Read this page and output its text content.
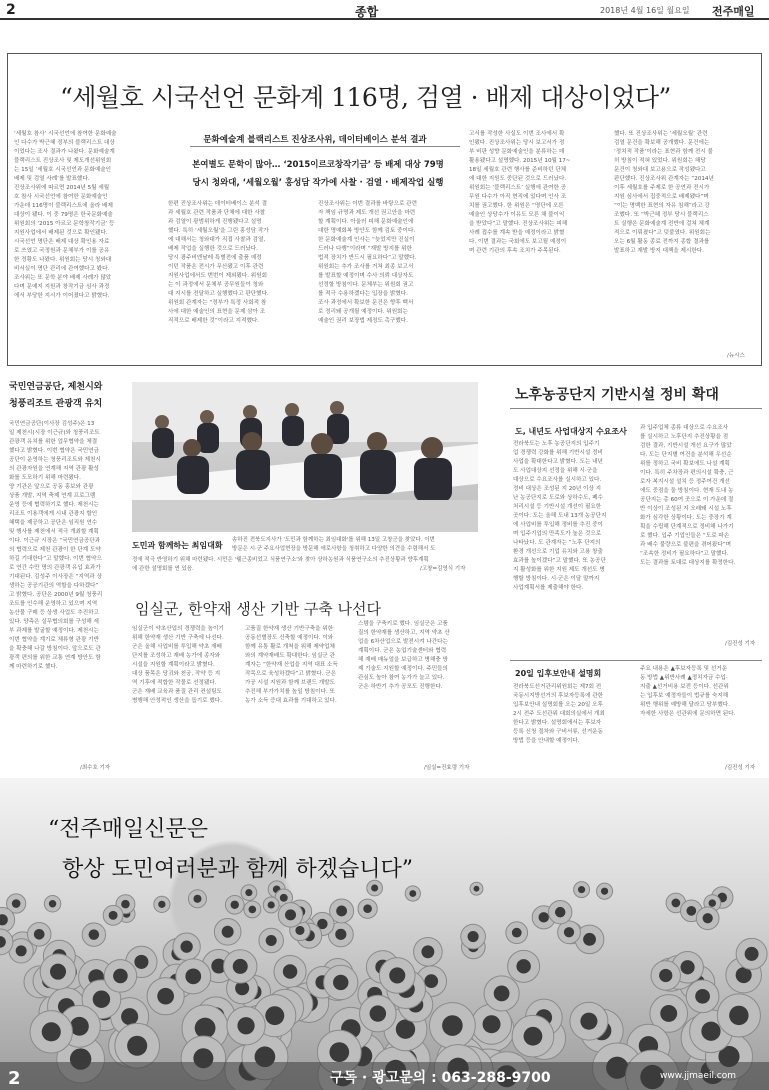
2	종합	2018년 4월 16일 월요일 전주매일
“세월호 시국선언 문화계 116명, 검열 · 배제 대상이었다”
문화예술계 블랙리스트 진상조사위, 데이터베이스 분석 결과
본여별도 문학이 많아… ‘2015이르코창작기금’ 등 배제 대상 79명
당시 청와대, ‘세월오월’ 홍성담 작가에 사찰 · 검열 · 배제작업 실행
‘세월호 참사’ 시국선언에 참여한 문화예술
인 다수가 박근혜 정부의 블랙리스트 대상
이었다는 조사 결과가 나왔다. 문화예술계
블랙리스트 진상조사 및 제도개선위원회
는 15일 ‘세월호 시국선언과 문화예술인
배제 및 검열 사례’를 발표했다.
진상조사위에 따르면 2014년 5월 세월
호 참사 시국선언에 참여한 문화예술인
가운데 116명이 블랙리스트에 올라 배제
대상이 됐다. 이 중 79명은 한국문화예술
위원회의 ‘2015 아르코 문학창작기금’ 등
지원사업에서 배제된 것으로 확인됐다.
시국선언 명단은 배제 대상 확인용 자료
로 쓰였고 국정원과 문체부가 이를 공유
한 정황도 나왔다. 위원회는 당시 청와대
비서실이 명단 관리에 관여했다고 봤다.
조사위는 또 문학 분야 배제 사례가 많았
다며 문예지 지원과 창작기금 심사 과정
에서 부당한 지시가 이어졌다고 밝혔다.
한편 진상조사위는 데이터베이스 분석 결
과 세월호 관련 작품과 단체에 대한 사찰
과 검열이 광범위하게 진행됐다고 설명
했다. 특히 ‘세월오월’을 그린 홍성담 작가
에 대해서는 청와대가 직접 사찰과 검열,
배제 작업을 실행한 것으로 드러났다.
당시 광주비엔날레 특별전에 출품 예정
이던 작품은 전시가 무산됐고 이후 관련
지원사업에서도 번번이 제외됐다. 위원회
는 이 과정에서 문체부 공무원들이 청와
대 지시를 전달하고 실행했다고 판단했다.
위원회 관계자는 “정부가 특정 사회적 참
사에 대한 예술인의 표현을 문제 삼아 조
직적으로 배제한 것”이라고 지적했다.
진상조사위는 이번 결과를 바탕으로 관련
자 책임 규명과 제도 개선 권고안을 마련
할 계획이다. 아울러 피해 문화예술인에
대한 명예회복 방안도 함께 검토 중이다.
한 문화예술계 인사는 “늦었지만 진실이
드러나 다행”이라며 “재발 방지를 위한
법적 장치가 반드시 필요하다”고 말했다.
위원회는 추가 조사를 거쳐 최종 보고서
를 발표할 예정이며 수사 의뢰 대상자도
선정할 방침이다. 문체부는 위원회 권고
를 적극 수용하겠다는 입장을 밝혔다.
조사 과정에서 확보한 문건은 향후 백서
로 정리돼 공개될 예정이다. 위원회는
예술인 권리 보장법 제정도 촉구했다.
고서를 작성한 사실도 이번 조사에서 확
인됐다. 진상조사위는 당시 보고서가 정
부 비판 성향 문화예술인을 분류하는 데
활용됐다고 설명했다. 2015년 10월 17~
18일 세월호 관련 행사를 준비하던 단체
에 대한 지원도 중단된 것으로 드러났다.
위원회는 ‘블랙리스트’ 실행에 관여한 공
무원 다수가 아직 현직에 있다며 인사 조
치를 권고했다. 한 위원은 “명단에 오른
예술인 상당수가 이유도 모른 채 불이익
을 받았다”고 말했다. 진상조사위는 피해
사례 접수를 계속 받을 예정이라고 밝혔
다. 이번 결과는 국회에도 보고될 예정이
며 관련 기관의 후속 조치가 주목된다.
했다. 또 진상조사위는 ‘세월오월’ 관련
검열 문건을 확보해 공개했다. 문건에는
‘정치적 작품’이라는 표현과 함께 전시 불
허 방침이 적혀 있었다. 위원회는 해당
문건이 청와대 보고용으로 작성됐다고
판단했다. 진상조사위 관계자는 “2014년
이후 세월호를 주제로 한 공연과 전시가
지원 심사에서 집중적으로 배제됐다”며
“이는 명백한 표현의 자유 침해”라고 강
조했다. 또 “박근혜 정부 당시 블랙리스
트 실행은 문화예술계 전반에 걸쳐 체계
적으로 이뤄졌다”고 덧붙였다. 위원회는
오는 6월 활동 종료 전까지 종합 결과를
발표하고 재발 방지 대책을 제시한다.
/뉴시스
국민연금공단, 제천시와
청풍리조트 관광객 유치
국민연금공단(이사장 김성주)은 13
일 제천시(시장 이근규)와 청풍리조트
관광객 유치를 위한 업무협약을 체결
했다고 밝혔다. 이번 협약은 국민연금
공단이 운영하는 청풍리조트와 제천시
의 관광자원을 연계해 지역 관광 활성
화를 도모하기 위해 마련됐다.
양 기관은 앞으로 공동 홍보와 관광
상품 개발, 지역 축제 연계 프로그램
운영 등에 협력하기로 했다. 제천시는
리조트 이용객에게 시내 관광지 할인
혜택을 제공하고 공단은 임직원 연수
및 행사를 제천에서 적극 개최할 계획
이다. 이근규 시장은 “국민연금공단과
의 협력으로 제천 관광이 한 단계 도약
하길 기대한다”고 말했다. 이번 협약으
로 연간 수만 명의 관광객 유입 효과가
기대된다. 김성주 이사장은 “지역과 상
생하는 공공기관의 역할을 다하겠다”
고 밝혔다. 공단은 2000년 9월 청풍리
조트를 인수해 운영하고 있으며 지역
농산물 구매 등 상생 사업도 추진하고
있다. 양측은 실무협의회를 구성해 세
부 과제를 발굴할 예정이다. 제천시는
이번 협약을 계기로 체류형 관광 기반
을 확충해 나갈 방침이다. 앞으로도 관
광객 편의를 위한 교통 연계 방안도 함
께 마련하기로 했다.
/최수호 기자
도민과 함께하는 최임대화
송하진 전북도지사가 '도민과 함께하는 최임대화'를 위해 13일 고창군을 찾았다. 이번
방문은 시·군 주요사업현장을 방문해 애로사항을 청취하고 다양한 의견을 수렴해서 도
정에 적극 반영하기 위해 마련됐다. 시민은 '웰근종비었고 식품연구소'와 찾아 상하농원과 식품연구소의 추진상황과 향후계획
에 관한 설명회를 연 있음.	/고창=김영식 기자
임실군, 한약재 생산 기반 구축 나선다
임실군이 약초산업의 경쟁력을 높이기
위해 한약재 생산 기반 구축에 나선다.
군은 올해 사업비를 투입해 약초 재배
단지를 조성하고 재배 농가에 종자와
시설을 지원할 계획이라고 밝혔다.
대상 품목은 당귀와 천궁, 작약 등 지
역 기후에 적합한 작물로 선정됐다.
군은 재배 교육과 품질 관리 컨설팅도
병행해 안정적인 생산을 돕기로 했다.
고품질 한약재 생산 기반구축을 위한
공동선별장도 신축할 예정이다. 이와
함께 유통 활로 개척을 위해 제약업체
와의 계약재배도 확대한다. 임실군 관
계자는 “한약재 산업을 지역 대표 소득
작목으로 육성하겠다”고 밝혔다. 군은
가공 시설 지원과 함께 브랜드 개발도
추진해 부가가치를 높일 방침이다. 또
농가 소득 증대 효과를 기대하고 있다.
스템을 구축키로 했다. 임실군은 고품
질의 한약재를 생산하고, 지역 약초 산
업을 6차산업으로 발전시켜 나간다는
계획이다. 군은 농업기술센터와 협력
해 재배 매뉴얼을 보급하고 병해충 방
제 기술도 지원할 예정이다. 주민들의
관심도 높아 참여 농가가 늘고 있다.
군은 하반기 추가 공모도 진행한다.
/임실=진효령 기자
노후농공단지 기반시설 정비 확대
도, 내년도 사업대상지 수요조사
전라북도는 노후 농공단지의 입주기
업 경쟁력 강화를 위해 기반시설 정비
사업을 확대한다고 밝혔다. 도는 내년
도 사업대상지 선정을 위해 시·군을
대상으로 수요조사를 실시하고 있다.
정비 대상은 조성된 지 20년 이상 지
난 농공단지로 도로와 상하수도, 폐수
처리시설 등 기반시설 개선이 필요한
곳이다. 도는 올해 도내 13개 농공단지
에 사업비를 투입해 정비를 추진 중이
며 입주기업의 만족도가 높은 것으로
나타났다. 도 관계자는 “노후 단지의
환경 개선으로 기업 유치와 고용 창출
효과를 높이겠다”고 말했다. 또 농공단
지 활성화를 위한 지원 제도 개선도 병
행할 방침이다. 시·군은 이달 말까지
사업계획서를 제출해야 한다.
과 입주업체 종류 대상으로 수요조사
를 실시하고 노후단지 추진상황을 점
검한 결과, 기반시설 개선 요구가 많았
다. 도는 단지별 여건을 분석해 우선순
위를 정하고 국비 확보에도 나설 계획
이다. 특히 주차장과 편의시설 확충, 근
로자 복지시설 설치 등 정주여건 개선
에도 중점을 둘 방침이다. 현재 도내 농
공단지는 총 60여 곳으로 이 가운데 절
반 이상이 조성된 지 오래돼 시설 노후
화가 심각한 상황이다. 도는 중장기 계
획을 수립해 단계적으로 정비해 나가기
로 했다. 입주 기업인들은 “도로 파손
과 배수 불량으로 불편을 겪어왔다”며
“조속한 정비가 필요하다”고 말했다.
도는 결과를 토대로 대상지를 확정한다.
/김진성 기자
20일 입후보안내 설명회
전라북도선거관리위원회는 제7회 전
국동시지방선거의 후보자등록에 관한
입후보안내 설명회를 오는 20일 오후
2시 전주 도선관위 대회의실에서 개최
한다고 밝혔다. 설명회에서는 후보자
등록 신청 절차와 구비서류, 선거운동
방법 등을 안내할 예정이다.
주요 내용은 ▲후보자등록 및 선거운
동 방법 ▲위반사례 ▲정치자금 수입·
지출 ▲선거비용 보전 등이다. 선관위
는 입후보 예정자들이 법규를 숙지해
위반 행위를 예방해 달라고 당부했다.
자세한 사항은 선관위에 문의하면 된다.
/김진성 기자
“전주매일신문은
항상 도민여러분과 함께 하겠습니다”
2	구독 · 광고문의 : 063-288-9700	www.jjmaeil.com
